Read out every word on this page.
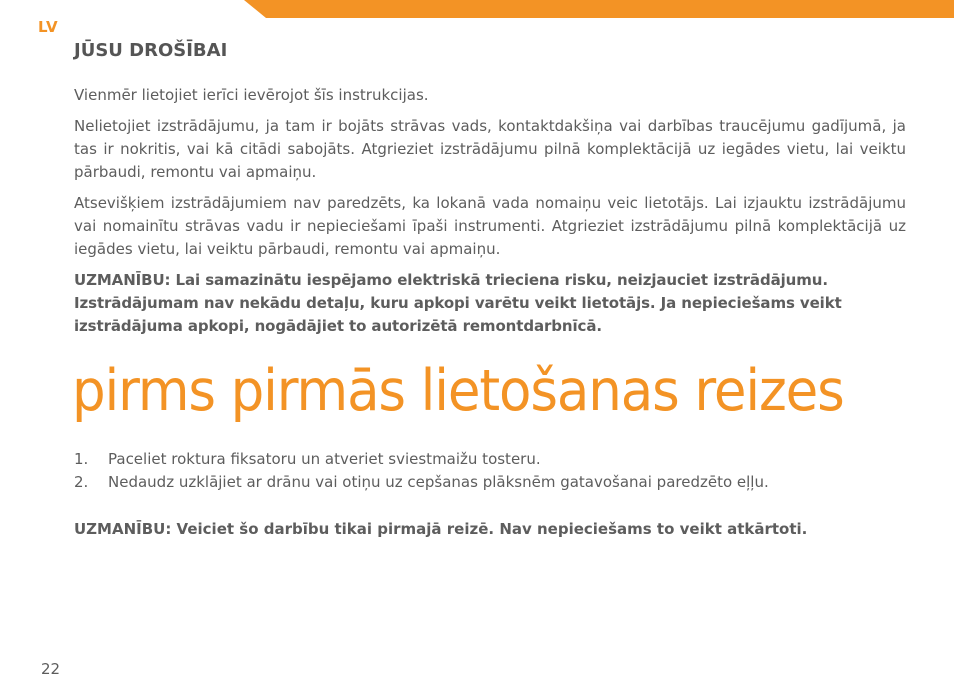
LV
JŪSU DROŠĪBAI

Vienmēr lietojiet ierīci ievērojot šīs instrukcijas.

Nelietojiet izstrādājumu, ja tam ir bojāts strāvas vads, kontaktdakšiņa vai darbības traucējumu gadījumā, ja tas ir nokritis, vai kā citādi sabojāts. Atgrieziet izstrādājumu pilnā komplektācijā uz iegādes vietu, lai veiktu pārbaudi, remontu vai apmaiņu.

Atsevišķiem izstrādājumiem nav paredzēts, ka lokanā vada nomaiņu veic lietotājs. Lai izjauktu izstrādājumu vai nomainītu strāvas vadu ir nepieciešami īpaši instrumenti. Atgrieziet izstrādājumu pilnā komplektācijā uz iegādes vietu, lai veiktu pārbaudi, remontu vai apmaiņu.

UZMANĪBU: Lai samazinātu iespējamo elektriskā trieciena risku, neizjauciet izstrādājumu. Izstrādājumam nav nekādu detaļu, kuru apkopi varētu veikt lietotājs. Ja nepieciešams veikt izstrādājuma apkopi, nogādājiet to autorizētā remontdarbnīcā.

pirms pirmās lietošanas reizes
1. Paceliet roktura fiksatoru un atveriet sviestmaižu tosteru.
2. Nedaudz uzklājiet ar drānu vai otiņu uz cepšanas plāksnēm gatavošanai paredzēto eļļu.
UZMANĪBU: Veiciet šo darbību tikai pirmajā reizē. Nav nepieciešams to veikt atkārtoti.
22
